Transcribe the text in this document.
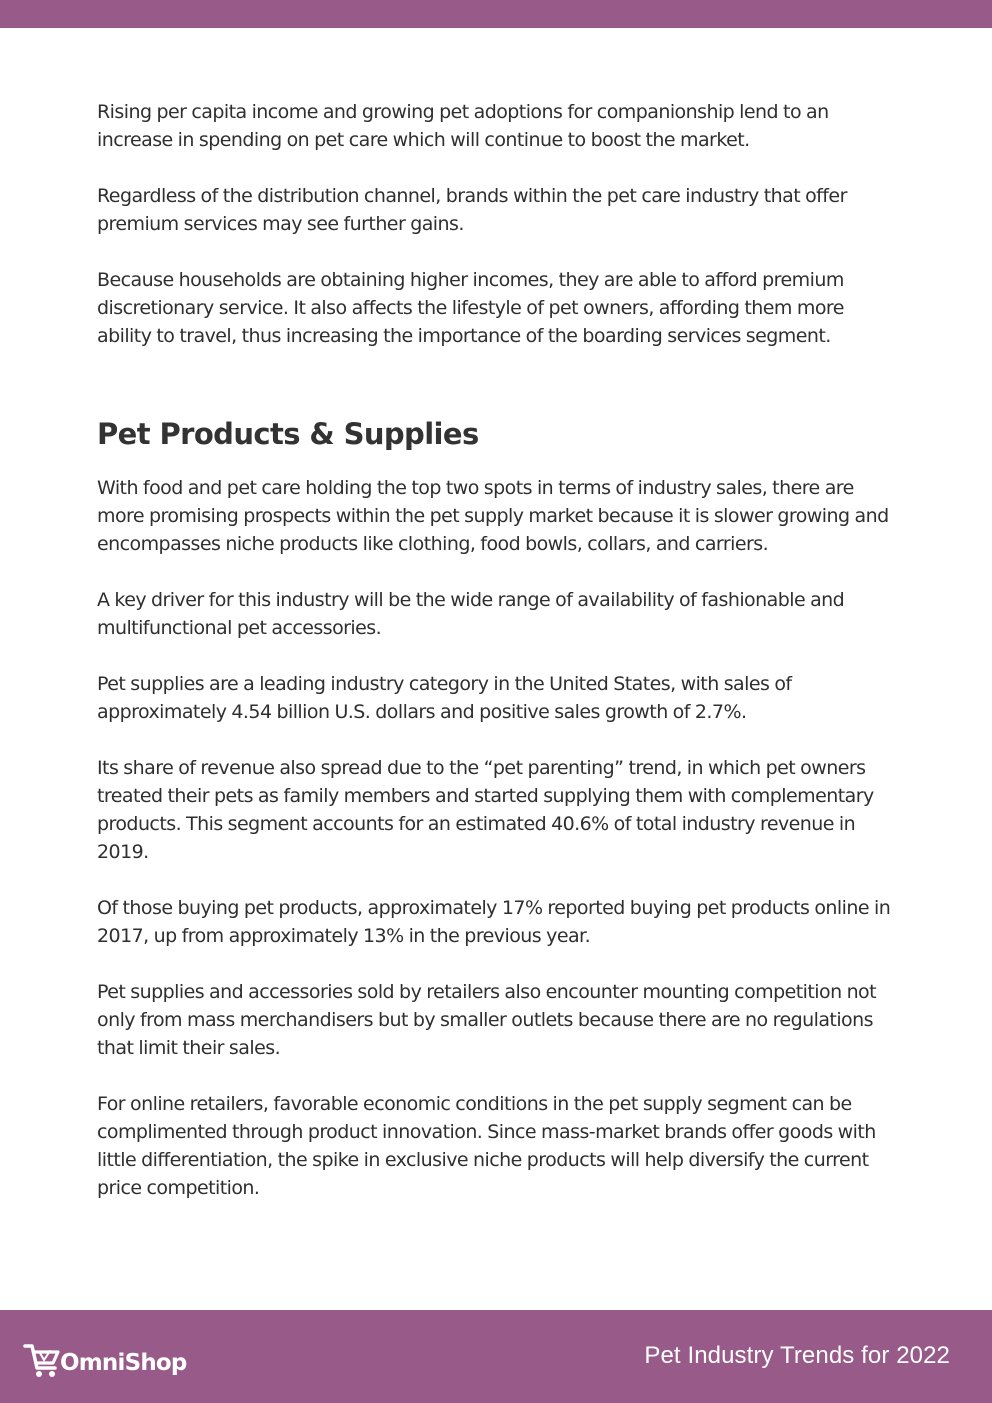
Rising per capita income and growing pet adoptions for companionship lend to an increase in spending on pet care which will continue to boost the market.

Regardless of the distribution channel, brands within the pet care industry that offer premium services may see further gains.

Because households are obtaining higher incomes, they are able to afford premium discretionary service. It also affects the lifestyle of pet owners, affording them more ability to travel, thus increasing the importance of the boarding services segment.

Pet Products & Supplies

With food and pet care holding the top two spots in terms of industry sales, there are more promising prospects within the pet supply market because it is slower growing and encompasses niche products like clothing, food bowls, collars, and carriers.

A key driver for this industry will be the wide range of availability of fashionable and multifunctional pet accessories.

Pet supplies are a leading industry category in the United States, with sales of approximately 4.54 billion U.S. dollars and positive sales growth of 2.7%.

Its share of revenue also spread due to the “pet parenting” trend, in which pet owners treated their pets as family members and started supplying them with complementary products. This segment accounts for an estimated 40.6% of total industry revenue in 2019.

Of those buying pet products, approximately 17% reported buying pet products online in 2017, up from approximately 13% in the previous year.

Pet supplies and accessories sold by retailers also encounter mounting competition not only from mass merchandisers but by smaller outlets because there are no regulations that limit their sales.

For online retailers, favorable economic conditions in the pet supply segment can be complimented through product innovation. Since mass-market brands offer goods with little differentiation, the spike in exclusive niche products will help diversify the current price competition.

OmniShop	Pet Industry Trends for 2022
